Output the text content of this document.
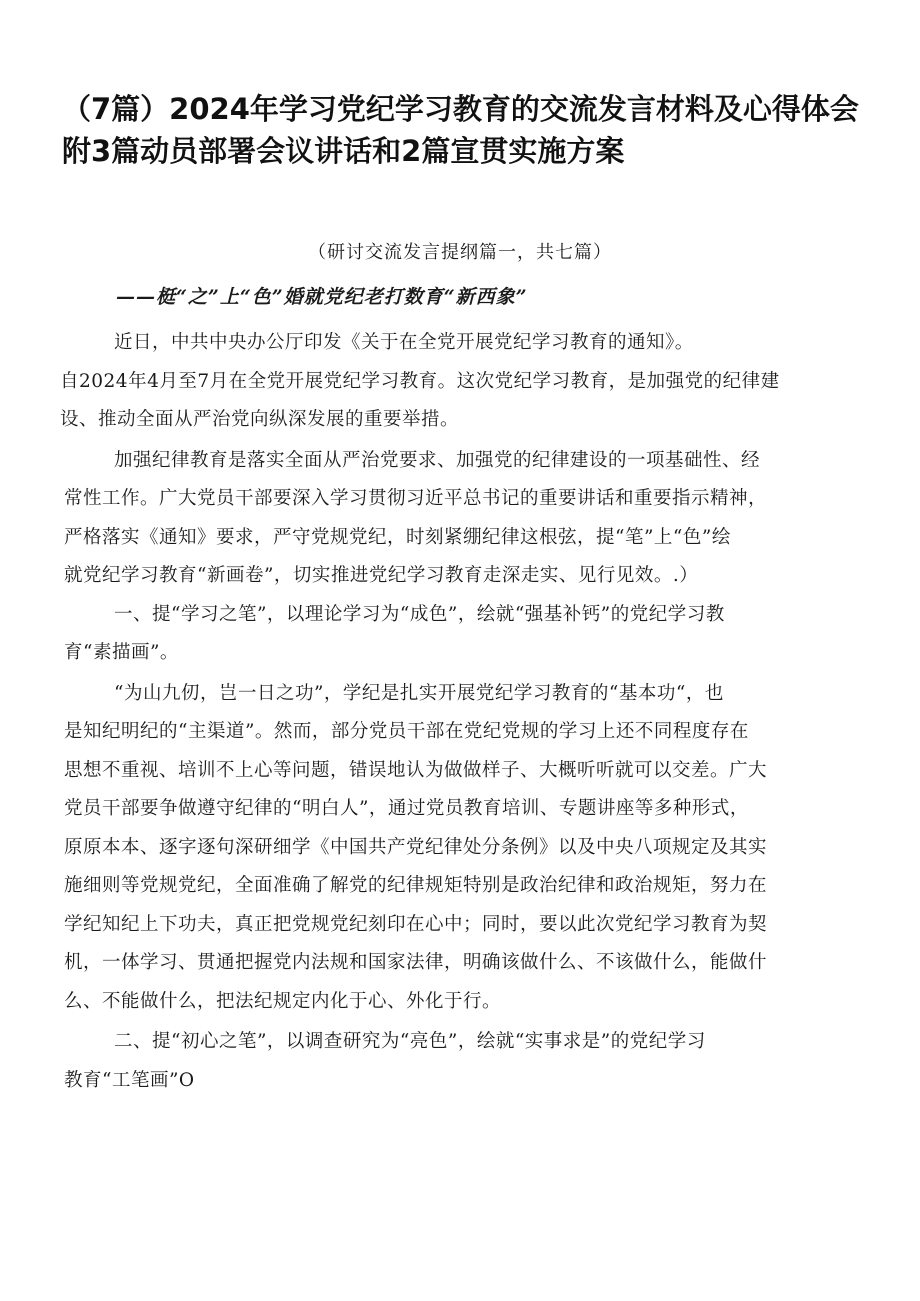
（7篇）2024年学习党纪学习教育的交流发言材料及心得体会
附3篇动员部署会议讲话和2篇宣贯实施方案

（研讨交流发言提纲篇一，共七篇）

——梃“之”上“色”婚就党纪老打数育“新西象”

近日，中共中央办公厅印发《关于在全党开展党纪学习教育的通知》。
自2024年4月至7月在全党开展党纪学习教育。这次党纪学习教育，是加强党的纪律建
设、推动全面从严治党向纵深发展的重要举措。

加强纪律教育是落实全面从严治党要求、加强党的纪律建设的一项基础性、经
常性工作。广大党员干部要深入学习贯彻习近平总书记的重要讲话和重要指示精神，
严格落实《通知》要求，严守党规党纪，时刻紧绷纪律这根弦，提“笔”上“色”绘
就党纪学习教育“新画卷”，切实推进党纪学习教育走深走实、见行见效。.）

一、提“学习之笔”，以理论学习为“成色”，绘就“强基补钙”的党纪学习教
育“素描画”。

“为山九仞，岂一日之功”，学纪是扎实开展党纪学习教育的“基本功“，也
是知纪明纪的“主渠道”。然而，部分党员干部在党纪党规的学习上还不同程度存在
思想不重视、培训不上心等问题，错误地认为做做样子、大概听听就可以交差。广大
党员干部要争做遵守纪律的“明白人”，通过党员教育培训、专题讲座等多种形式，
原原本本、逐字逐句深研细学《中国共产党纪律处分条例》以及中央八项规定及其实
施细则等党规党纪，全面准确了解党的纪律规矩特别是政治纪律和政治规矩，努力在
学纪知纪上下功夫，真正把党规党纪刻印在心中；同时，要以此次党纪学习教育为契
机，一体学习、贯通把握党内法规和国家法律，明确该做什么、不该做什么，能做什
么、不能做什么，把法纪规定内化于心、外化于行。

二、提“初心之笔”，以调查研究为“亮色”，绘就“实事求是”的党纪学习
教育“工笔画”O
